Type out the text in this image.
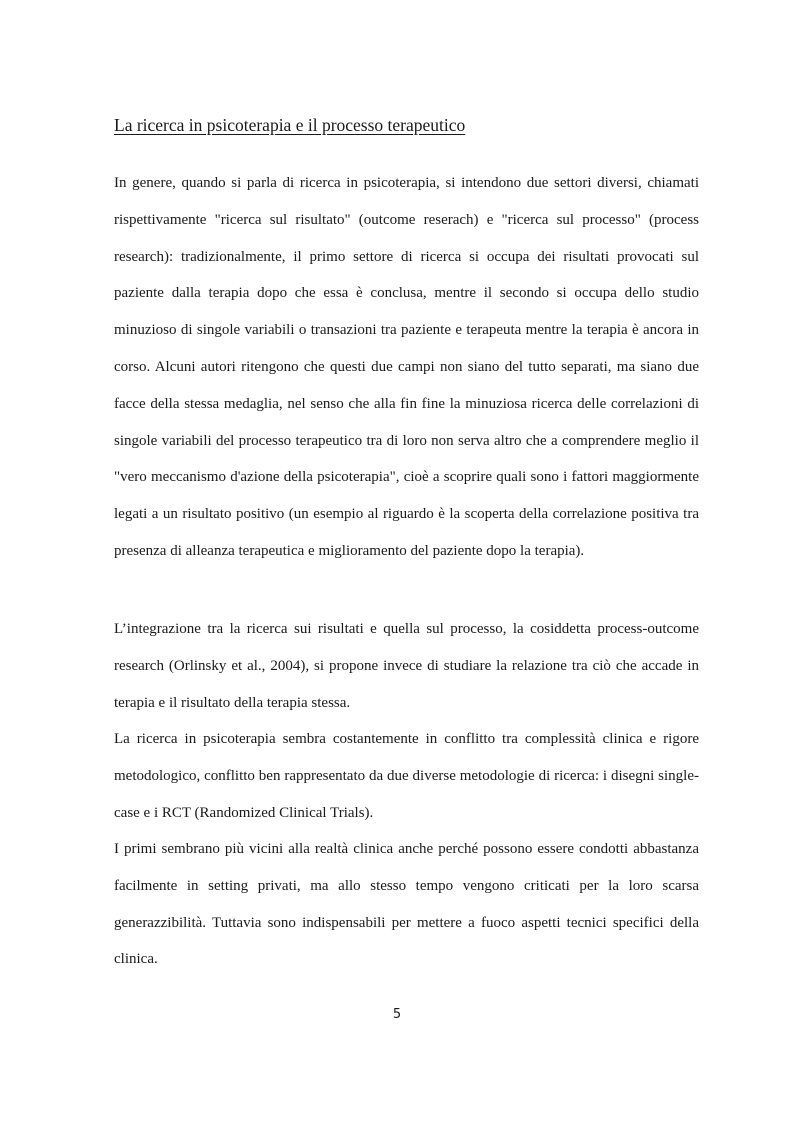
La ricerca in psicoterapia e il processo terapeutico

In genere, quando si parla di ricerca in psicoterapia, si intendono due settori diversi, chiamati rispettivamente "ricerca sul risultato" (outcome reserach) e "ricerca sul processo" (process research): tradizionalmente, il primo settore di ricerca si occupa dei risultati provocati sul paziente dalla terapia dopo che essa è conclusa, mentre il secondo si occupa dello studio minuzioso di singole variabili o transazioni tra paziente e terapeuta mentre la terapia è ancora in corso. Alcuni autori ritengono che questi due campi non siano del tutto separati, ma siano due facce della stessa medaglia, nel senso che alla fin fine la minuziosa ricerca delle correlazioni di singole variabili del processo terapeutico tra di loro non serva altro che a comprendere meglio il "vero meccanismo d'azione della psicoterapia", cioè a scoprire quali sono i fattori maggiormente legati a un risultato positivo (un esempio al riguardo è la scoperta della correlazione positiva tra presenza di alleanza terapeutica e miglioramento del paziente dopo la terapia).

L’integrazione tra la ricerca sui risultati e quella sul processo, la cosiddetta process-outcome research (Orlinsky et al., 2004), si propone invece di studiare la relazione tra ciò che accade in terapia e il risultato della terapia stessa.

La ricerca in psicoterapia sembra costantemente in conflitto tra complessità clinica e rigore metodologico, conflitto ben rappresentato da due diverse metodologie di ricerca: i disegni single-case e i RCT (Randomized Clinical Trials).

I primi sembrano più vicini alla realtà clinica anche perché possono essere condotti abbastanza facilmente in setting privati, ma allo stesso tempo vengono criticati per la loro scarsa generazzibilità. Tuttavia sono indispensabili per mettere a fuoco aspetti tecnici specifici della clinica.

5
